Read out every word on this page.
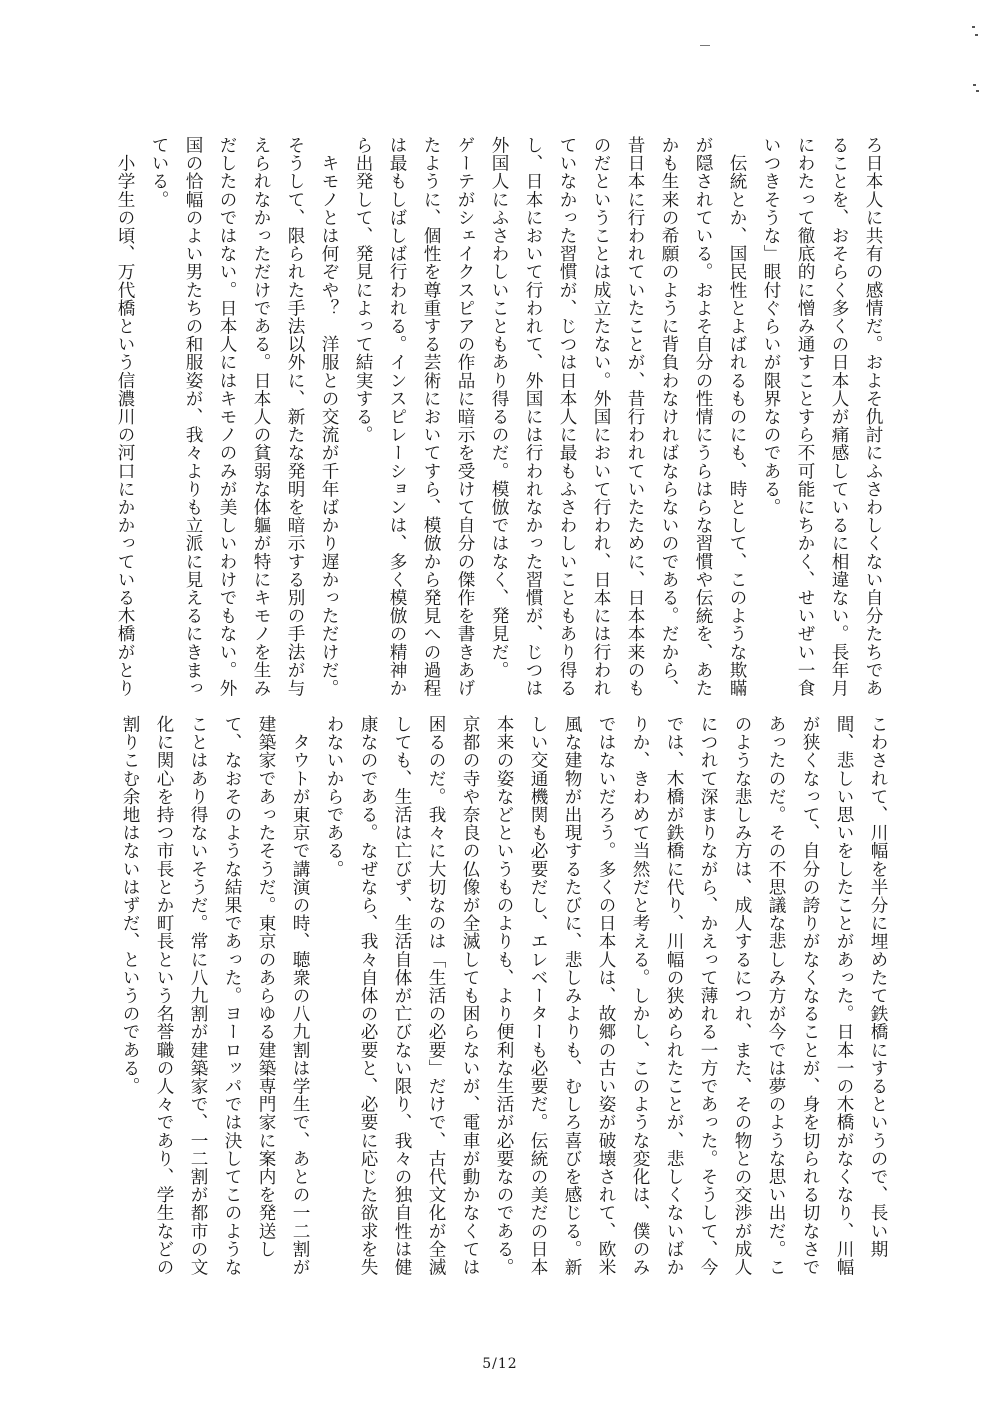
ろ日本人に共有の感情だ。およそ仇討にふさわしくない自分たちであ

ることを、おそらく多くの日本人が痛感しているに相違ない。長年月

にわたって徹底的に憎み通すことすら不可能にちかく、せいぜい一食

いつきそうな」眼付ぐらいが限界なのである。

　伝統とか、国民性とよばれるものにも、時として、このような欺瞞

が隠されている。およそ自分の性情にうらはらな習慣や伝統を、あた

かも生来の希願のように背負わなければならないのである。だから、

昔日本に行われていたことが、昔行われていたために、日本本来のも

のだということは成立たない。外国において行われ、日本には行われ

ていなかった習慣が、じつは日本人に最もふさわしいこともあり得る

し、日本において行われて、外国には行われなかった習慣が、じつは

外国人にふさわしいこともあり得るのだ。模倣ではなく、発見だ。

ゲーテがシェイクスピアの作品に暗示を受けて自分の傑作を書きあげ

たように、個性を尊重する芸術においてすら、模倣から発見への過程

は最もしばしば行われる。インスピレーションは、多く模倣の精神か

ら出発して、発見によって結実する。

　キモノとは何ぞや？　洋服との交流が千年ばかり遅かっただけだ。

そうして、限られた手法以外に、新たな発明を暗示する別の手法が与

えられなかっただけである。日本人の貧弱な体軀が特にキモノを生み

だしたのではない。日本人にはキモノのみが美しいわけでもない。外

国の恰幅のよい男たちの和服姿が、我々よりも立派に見えるにきまっ

ている。

　小学生の頃、万代橋という信濃川の河口にかかっている木橋がとり

こわされて、川幅を半分に埋めたて鉄橋にするというので、長い期

間、悲しい思いをしたことがあった。日本一の木橋がなくなり、川幅

が狭くなって、自分の誇りがなくなることが、身を切られる切なさで

あったのだ。その不思議な悲しみ方が今では夢のような思い出だ。こ

のような悲しみ方は、成人するにつれ、また、その物との交渉が成人

につれて深まりながら、かえって薄れる一方であった。そうして、今

では、木橋が鉄橋に代り、川幅の狭められたことが、悲しくないばか

りか、きわめて当然だと考える。しかし、このような変化は、僕のみ

ではないだろう。多くの日本人は、故郷の古い姿が破壊されて、欧米

風な建物が出現するたびに、悲しみよりも、むしろ喜びを感じる。新

しい交通機関も必要だし、エレベーターも必要だ。伝統の美だの日本

本来の姿などというものよりも、より便利な生活が必要なのである。

京都の寺や奈良の仏像が全滅しても困らないが、電車が動かなくては

困るのだ。我々に大切なのは「生活の必要」だけで、古代文化が全滅

しても、生活は亡びず、生活自体が亡びない限り、我々の独自性は健

康なのである。なぜなら、我々自体の必要と、必要に応じた欲求を失

わないからである。

　タウトが東京で講演の時、聴衆の八九割は学生で、あとの一二割が

建築家であったそうだ。東京のあらゆる建築専門家に案内を発送し

て、なおそのような結果であった。ヨーロッパでは決してこのような

ことはあり得ないそうだ。常に八九割が建築家で、一二割が都市の文

化に関心を持つ市長とか町長という名誉職の人々であり、学生などの

割りこむ余地はないはずだ、というのである。

5/12
